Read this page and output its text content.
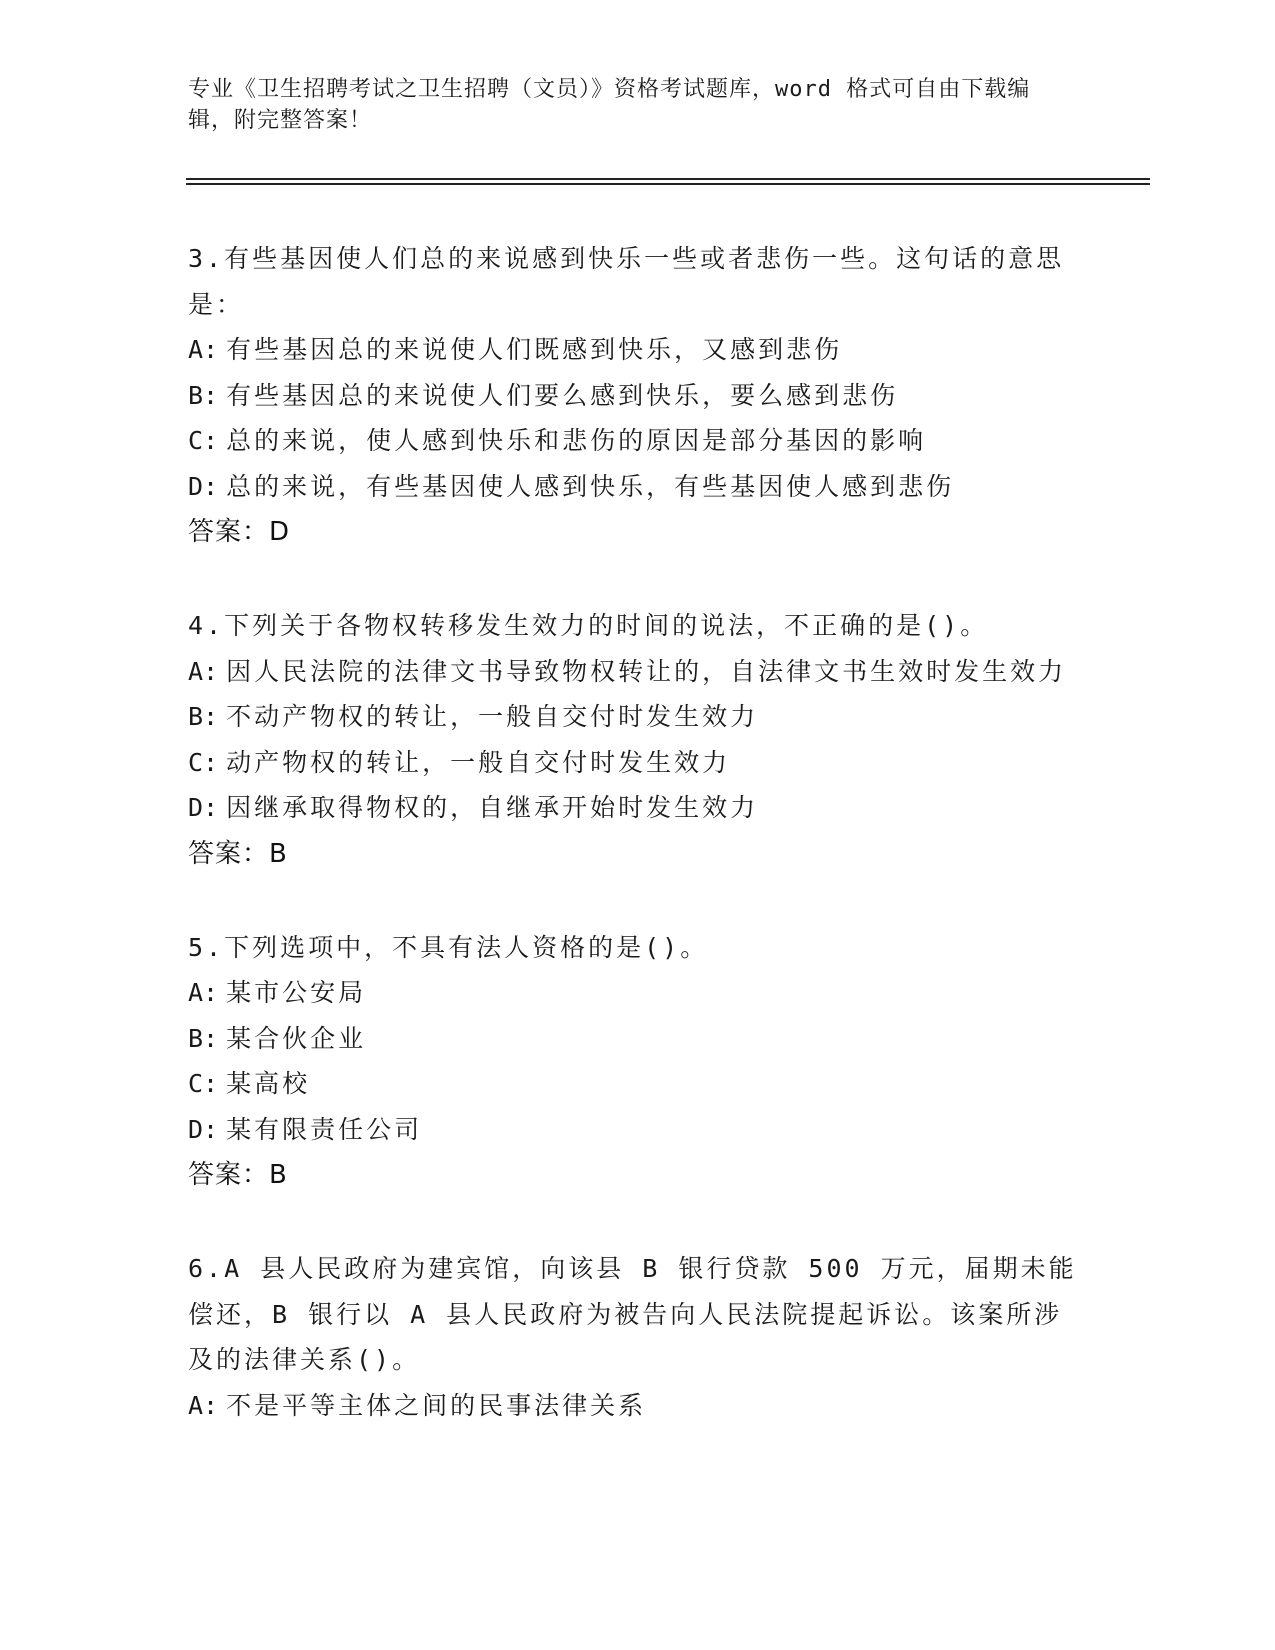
专业《卫生招聘考试之卫生招聘（文员）》资格考试题库，word 格式可自由下载编辑，附完整答案！
3.有些基因使人们总的来说感到快乐一些或者悲伤一些。这句话的意思是：
A: 有些基因总的来说使人们既感到快乐，又感到悲伤
B: 有些基因总的来说使人们要么感到快乐，要么感到悲伤
C: 总的来说，使人感到快乐和悲伤的原因是部分基因的影响
D: 总的来说，有些基因使人感到快乐，有些基因使人感到悲伤
答案：D
4.下列关于各物权转移发生效力的时间的说法，不正确的是()。
A: 因人民法院的法律文书导致物权转让的，自法律文书生效时发生效力
B: 不动产物权的转让，一般自交付时发生效力
C: 动产物权的转让，一般自交付时发生效力
D: 因继承取得物权的，自继承开始时发生效力
答案：B
5.下列选项中，不具有法人资格的是()。
A: 某市公安局
B: 某合伙企业
C: 某高校
D: 某有限责任公司
答案：B
6.A 县人民政府为建宾馆，向该县 B 银行贷款 500 万元，届期未能偿还，B 银行以 A 县人民政府为被告向人民法院提起诉讼。该案所涉及的法律关系()。
A: 不是平等主体之间的民事法律关系
